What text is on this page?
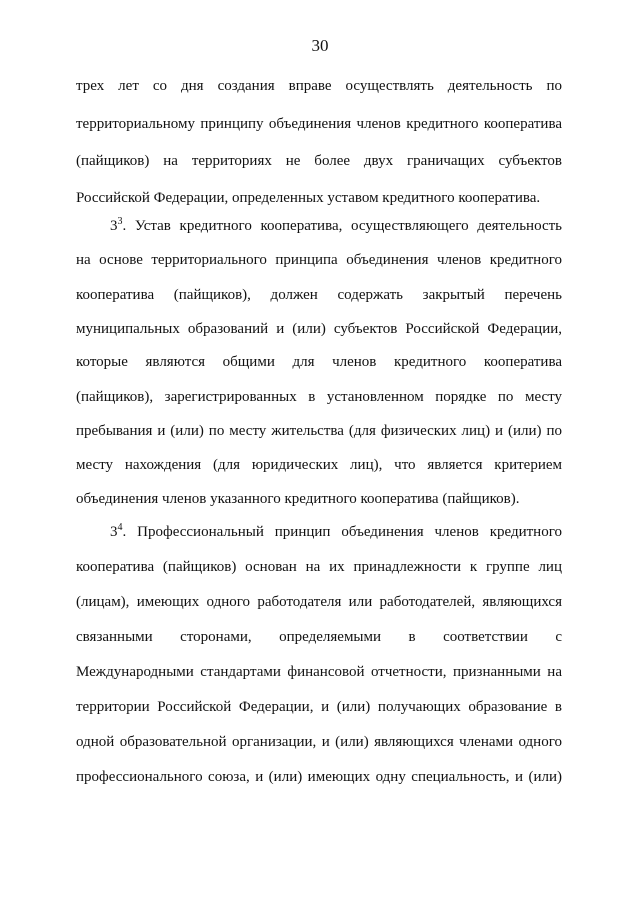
30
трех лет со дня создания вправе осуществлять деятельность по
территориальному принципу объединения членов кредитного кооператива
(пайщиков) на территориях не более двух граничащих субъектов
Российской Федерации, определенных уставом кредитного кооператива.
$3^3$. Устав кредитного кооператива, осуществляющего деятельность
на основе территориального принципа объединения членов кредитного
кооператива (пайщиков), должен содержать закрытый перечень
муниципальных образований и (или) субъектов Российской Федерации,
которые являются общими для членов кредитного кооператива
(пайщиков), зарегистрированных в установленном порядке по месту
пребывания и (или) по месту жительства (для физических лиц) и (или) по
месту нахождения (для юридических лиц), что является критерием
объединения членов указанного кредитного кооператива (пайщиков).
$3^4$. Профессиональный принцип объединения членов кредитного
кооператива (пайщиков) основан на их принадлежности к группе лиц
(лицам), имеющих одного работодателя или работодателей, являющихся
связанными сторонами, определяемыми в соответствии с
Международными стандартами финансовой отчетности, признанными на
территории Российской Федерации, и (или) получающих образование в
одной образовательной организации, и (или) являющихся членами одного
профессионального союза, и (или) имеющих одну специальность, и (или)
